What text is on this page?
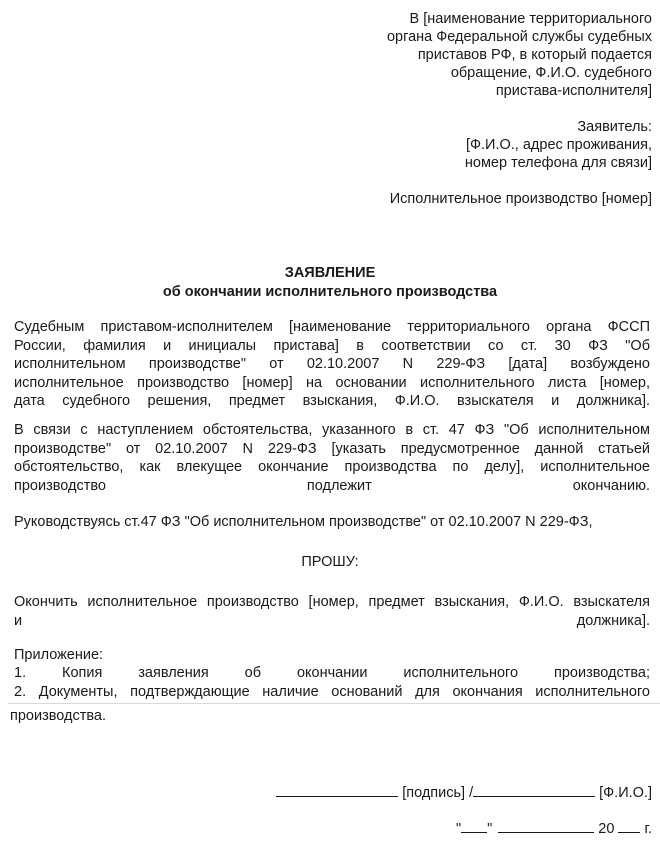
В [наименование территориального
органа Федеральной службы судебных
приставов РФ, в который подается
обращение, Ф.И.О. судебного
пристава-исполнителя]
Заявитель:
[Ф.И.О., адрес проживания,
номер телефона для связи]
Исполнительное производство [номер]
ЗАЯВЛЕНИЕ
об окончании исполнительного производства
Судебным приставом-исполнителем [наименование территориального органа ФССП
России, фамилия и инициалы пристава] в соответствии со ст. 30 ФЗ "Об
исполнительном производстве" от 02.10.2007 N 229-ФЗ [дата] возбуждено
исполнительное производство [номер] на основании исполнительного листа [номер,
дата судебного решения, предмет взыскания, Ф.И.О. взыскателя и должника].
В связи с наступлением обстоятельства, указанного в ст. 47 ФЗ "Об исполнительном
производстве" от 02.10.2007 N 229-ФЗ [указать предусмотренное данной статьей
обстоятельство, как влекущее окончание производства по делу], исполнительное
производство подлежит окончанию.
Руководствуясь ст.47 ФЗ "Об исполнительном производстве" от 02.10.2007 N 229-ФЗ,
ПРОШУ:
Окончить исполнительное производство [номер, предмет взыскания, Ф.И.О. взыскателя
и должника].
Приложение:
1. Копия заявления об окончании исполнительного производства;
2. Документы, подтверждающие наличие оснований для окончания исполнительного
производства.
[подпись] /	[Ф.И.О.]
" "	20 г.
